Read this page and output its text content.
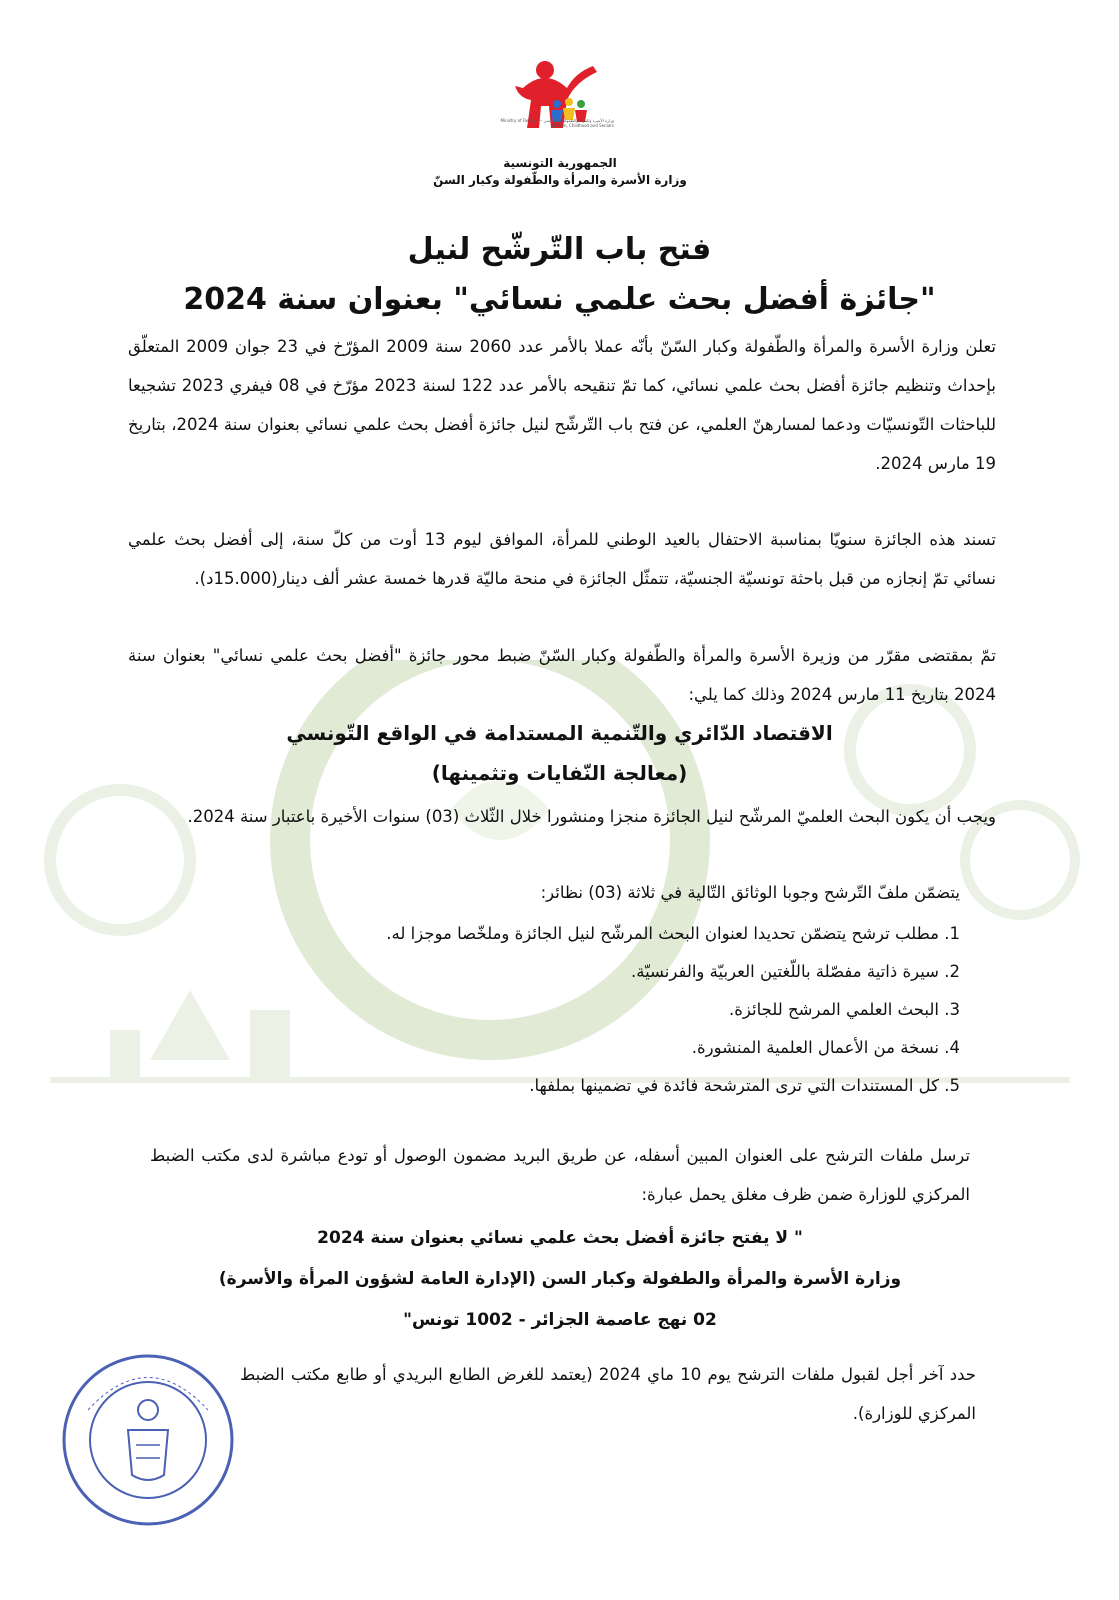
وزارة الأسرة والمرأة والطفولة وكبار السن — Ministry of Family, Women, Childhood and Seniors
الجمهورية التونسية
وزارة الأسرة والمرأة والطّفولة وكبار السنّ
فتح باب التّرشّح لنيل
"جائزة أفضل بحث علمي نسائي" بعنوان سنة 2024

تعلن وزارة الأسرة والمرأة والطّفولة وكبار السّنّ بأنّه عملا بالأمر عدد 2060 سنة 2009 المؤرّخ في 23 جوان 2009 المتعلّق بإحداث وتنظيم جائزة أفضل بحث علمي نسائي، كما تمّ تنقيحه بالأمر عدد 122 لسنة 2023 مؤرّخ في 08 فيفري 2023 تشجيعا للباحثات التّونسيّات ودعما لمسارهنّ العلمي، عن فتح باب التّرشّح لنيل جائزة أفضل بحث علمي نسائي بعنوان سنة 2024، بتاريخ 19 مارس 2024.

تسند هذه الجائزة سنويّا بمناسبة الاحتفال بالعيد الوطني للمرأة، الموافق ليوم 13 أوت من كلّ سنة، إلى أفضل بحث علمي نسائي تمّ إنجازه من قبل باحثة تونسيّة الجنسيّة، تتمثّل الجائزة في منحة ماليّة قدرها خمسة عشر ألف دينار(15.000د).

تمّ بمقتضى مقرّر من وزيرة الأسرة والمرأة والطّفولة وكبار السّنّ ضبط محور جائزة "أفضل بحث علمي نسائي" بعنوان سنة 2024 بتاريخ 11 مارس 2024 وذلك كما يلي:

الاقتصاد الدّائري والتّنمية المستدامة في الواقع التّونسي
(معالجة النّفايات وتثمينها)

ويجب أن يكون البحث العلميّ المرشّح لنيل الجائزة منجزا ومنشورا خلال الثّلاث (03) سنوات الأخيرة باعتبار سنة 2024.

يتضمّن ملفّ التّرشح وجوبا الوثائق التّالية في ثلاثة (03) نظائر:

1. مطلب ترشح يتضمّن تحديدا لعنوان البحث المرشّح لنيل الجائزة وملخّصا موجزا له.
2. سيرة ذاتية مفصّلة باللّغتين العربيّة والفرنسيّة.
3. البحث العلمي المرشح للجائزة.
4. نسخة من الأعمال العلمية المنشورة.
5. كل المستندات التي ترى المترشحة فائدة في تضمينها بملفها.

ترسل ملفات الترشح على العنوان المبين أسفله، عن طريق البريد مضمون الوصول أو تودع مباشرة لدى مكتب الضبط المركزي للوزارة ضمن ظرف مغلق يحمل عبارة:

" لا يفتح جائزة أفضل بحث علمي نسائي بعنوان سنة 2024
وزارة الأسرة والمرأة والطفولة وكبار السن (الإدارة العامة لشؤون المرأة والأسرة)
02 نهج عاصمة الجزائر - 1002 تونس"

حدد آخر أجل لقبول ملفات الترشح يوم 10 ماي 2024 (يعتمد للغرض الطابع البريدي أو طابع مكتب الضبط المركزي للوزارة).
